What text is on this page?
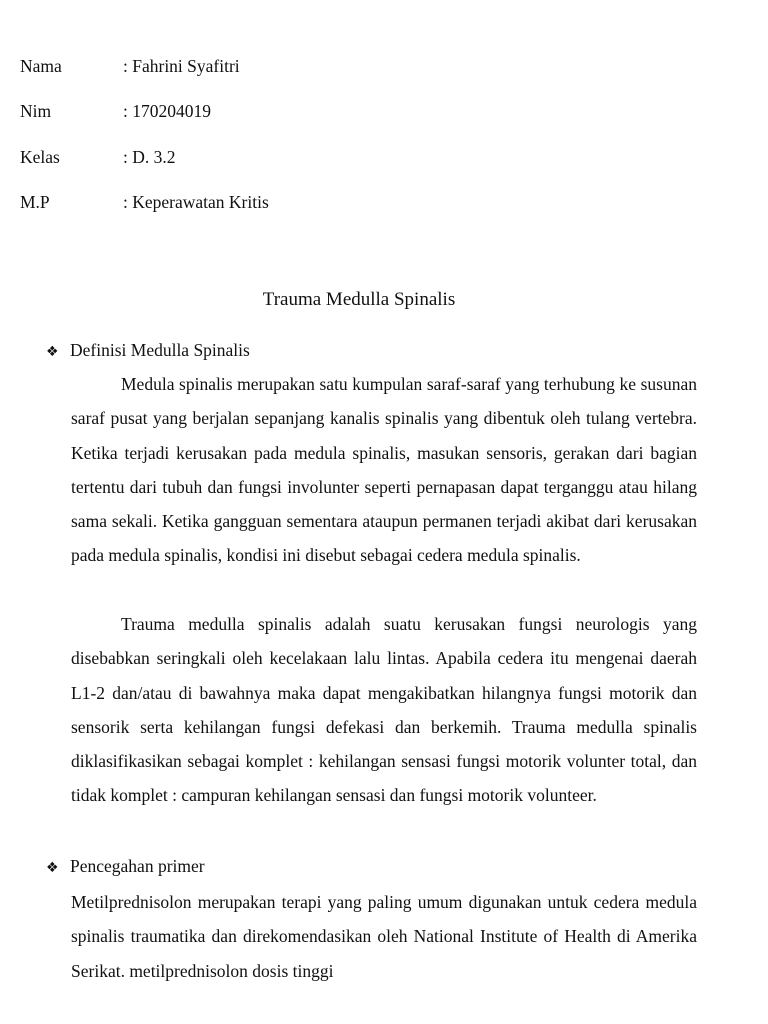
Nama	: Fahrini Syafitri
Nim	: 170204019
Kelas	: D. 3.2
M.P	: Keperawatan Kritis
Trauma Medulla Spinalis
❖ Definisi Medulla Spinalis

Medula spinalis merupakan satu kumpulan saraf-saraf yang terhubung ke susunan saraf pusat yang berjalan sepanjang kanalis spinalis yang dibentuk oleh tulang vertebra. Ketika terjadi kerusakan pada medula spinalis, masukan sensoris, gerakan dari bagian tertentu dari tubuh dan fungsi involunter seperti pernapasan dapat terganggu atau hilang sama sekali. Ketika gangguan sementara ataupun permanen terjadi akibat dari kerusakan pada medula spinalis, kondisi ini disebut sebagai cedera medula spinalis.

Trauma medulla spinalis adalah suatu kerusakan fungsi neurologis yang disebabkan seringkali oleh kecelakaan lalu lintas. Apabila cedera itu mengenai daerah L1-2 dan/atau di bawahnya maka dapat mengakibatkan hilangnya fungsi motorik dan sensorik serta kehilangan fungsi defekasi dan berkemih. Trauma medulla spinalis diklasifikasikan sebagai komplet : kehilangan sensasi fungsi motorik volunter total, dan tidak komplet : campuran kehilangan sensasi dan fungsi motorik volunteer.

❖ Pencegahan primer

Metilprednisolon merupakan terapi yang paling umum digunakan untuk cedera medula spinalis traumatika dan direkomendasikan oleh National Institute of Health di Amerika Serikat. metilprednisolon dosis tinggi
